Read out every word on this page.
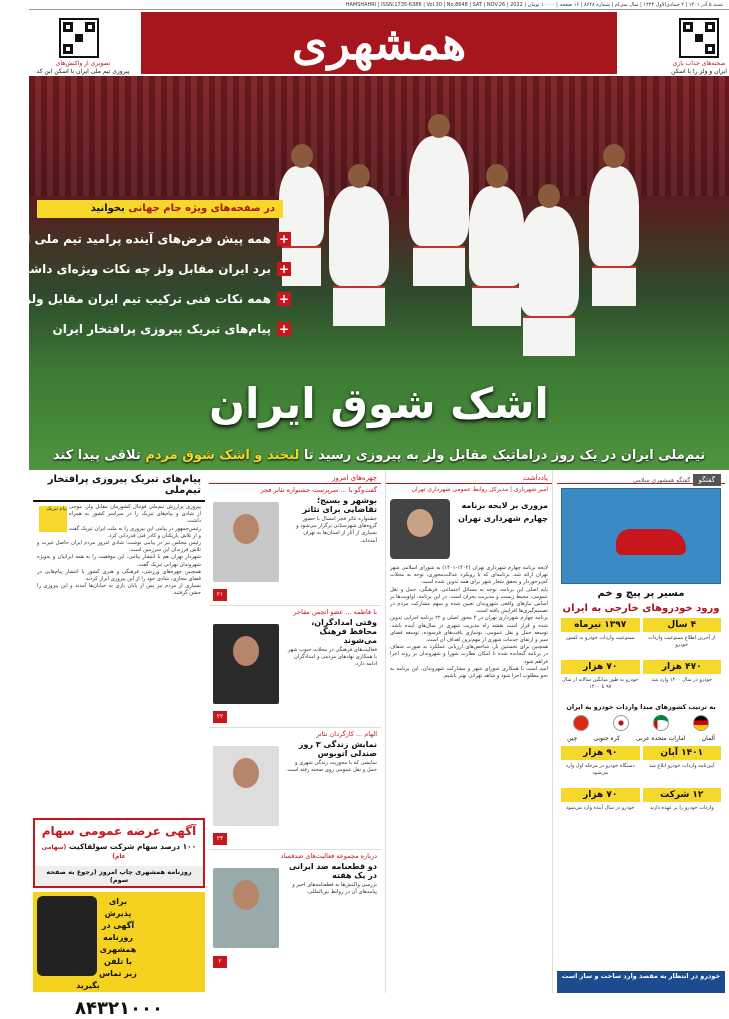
شنبه ۵ آذر ۱۴۰۱ | ۲ جمادی‌الاول ۱۴۴۴ | سال سی‌ام | شماره ۸۶۴۸ | ۱۶ صفحه | ۱۰۰۰۰ تومان | HAMSHAHRI | ISSN:1735-6386 | Vol.30 | No.8648 | SAT | NOV.26 | 2022
صحنه‌های جذاب بازی
ایران و ولز را با اسکن
همشهری
تصویری از واکنش‌های
پیروزی تیم ملی ایران با اسکن این کد
در صفحه‌های ویژه جام جهانی بخوانید
+
همه پیش فرض‌های آینده پرامید تیم ملی ایران
+
برد ایران مقابل ولز چه نکات ویژه‌ای داشت؟
+
همه نکات فنی ترکیب تیم ایران مقابل ولز
+
پیام‌های تبریک پیروزی پرافتخار ایران
اشک شوق ایران
تیم‌ملی ایران در یک روز دراماتیک مقابل ولز به پیروزی رسید تا لبخند و اشک شوق مردم تلاقی پیدا کند
گفتگو گفتگو همشهری سلامی
مسیر پر پیچ و خم
ورود خودروهای خارجی به ایران
۴ سال
۱۳۹۷ تیرماه
از آخرین اطلاع ممنوعیت واردات خودرو
ممنوعیت واردات خودرو به کشور
۴۷۰ هزار
۷۰ هزار
خودرو در سال ۱۴۰۰ وارد شد
خودرو به طور میانگین سالانه از سال ۹۷ تا ۱۴۰۰
به ترتیب کشورهای مبدا واردات خودرو به ایران
آلمان
امارات متحده عربی
کره جنوبی
چین
۱۴۰۱ آبان
۹۰ هزار
آیین‌نامه واردات خودرو ابلاغ شد
دستگاه خودرو در مرحله اول وارد می‌شود
۱۲ شرکت
۷۰ هزار
واردات خودرو را بر عهده دارند
خودرو در سال آینده وارد می‌شود
خودرو در انتظار به مقصد وارد ساخت و ساز است
یادداشت
امیر شهریاری | مدیرکل روابط عمومی شهرداری تهران
مروری بر لایحه برنامه چهارم شهرداری تهران

لایحه برنامه چهارم شهرداری تهران (۱۴۰۲-۱۴۰۱) به شورای اسلامی شهر تهران ارائه شد. برنامه‌ای که با رویکرد عدالت‌محوری، توجه به محلات کم‌برخوردار و تحقق شعار شهر برای همه تدوین شده است.

پایه اصلی این برنامه، توجه به مسائل اجتماعی، فرهنگی، حمل و نقل عمومی، محیط زیست و مدیریت بحران است. در این برنامه، اولویت‌ها بر اساس نیازهای واقعی شهروندان تعیین شده و سهم مشارکت مردم در تصمیم‌گیری‌ها افزایش یافته است.

برنامه چهارم شهرداری تهران در ۴ محور اصلی و ۲۲ برنامه اجرایی تدوین شده و قرار است نقشه راه مدیریت شهری در سال‌های آینده باشد. توسعه حمل و نقل عمومی، نوسازی بافت‌های فرسوده، توسعه فضای سبز و ارتقای خدمات شهری از مهم‌ترین اهداف آن است.

همچنین برای نخستین بار، شاخص‌های ارزیابی عملکرد به صورت شفاف در برنامه گنجانده شده تا امکان نظارت شورا و شهروندان بر روند اجرا فراهم شود.

امید است با همکاری شورای شهر و مشارکت شهروندان، این برنامه به نحو مطلوب اجرا شود و شاهد تهرانی بهتر باشیم.

چهره‌های امروز
گفت‌وگو با ... سرپرست جشنواره تئاتر فجر
بوشهر و بسیج؛ تقاضایی برای تئاتر
جشنواره تئاتر فجر امسال با حضور گروه‌های شهرستانی برگزار می‌شود و بسیاری از آثار از استان‌ها به تهران آمده‌اند.
۲۱
با فاطمه ... عضو انجمن مفاخر
وقتی امدادگران، محافظ فرهنگ می‌شوند
فعالیت‌های فرهنگی در محلات جنوب شهر با همکاری نهادهای مردمی و امدادگران ادامه دارد.
۲۲
الهام ... کارگردان تئاتر
نمایش زندگی ۳ روز صندلی اتوبوس
نمایشی که با محوریت زندگی شهری و حمل و نقل عمومی روی صحنه رفته است.
۲۴
درباره مجموعه فعالیت‌های ضدفساد
دو قطعنامه ضد ایرانی در یک هفته
بررسی واکنش‌ها به قطعنامه‌های اخیر و پیامدهای آن در روابط بین‌المللی.
۲
پیام‌های تبریک پیروزی پرافتخار تیم‌ملی
پیام تبریک پیروزی پرارزش تیم‌ملی فوتبال کشورمان مقابل ولز، موجی از شادی و پیام‌های تبریک را در سراسر کشور به همراه داشت.

رئیس‌جمهور در پیامی این پیروزی را به ملت ایران تبریک گفت و از تلاش بازیکنان و کادر فنی قدردانی کرد.

رئیس مجلس نیز در پیامی نوشت: شادی امروز مردم ایران حاصل غیرت و تلاش فرزندان این سرزمین است.

شهردار تهران هم با انتشار پیامی، این موفقیت را به همه ایرانیان و به‌ویژه شهروندان تهرانی تبریک گفت.

همچنین چهره‌های ورزشی، فرهنگی و هنری کشور با انتشار پیام‌هایی در فضای مجازی، شادی خود را از این پیروزی ابراز کردند.

بسیاری از مردم نیز پس از پایان بازی به خیابان‌ها آمدند و این پیروزی را جشن گرفتند.

آگهی عرضه عمومی سهام
۱۰۰ درصد سهام شرکت سولقاکیت (سهامی عام)
روزنامه همشهری چاپ امروز (رجوع به صفحه سوم)
برای پذیرش آگهی در روزنامه همشهری با تلفن زیر تماس بگیرید
۸۴۳۲۱۰۰۰
